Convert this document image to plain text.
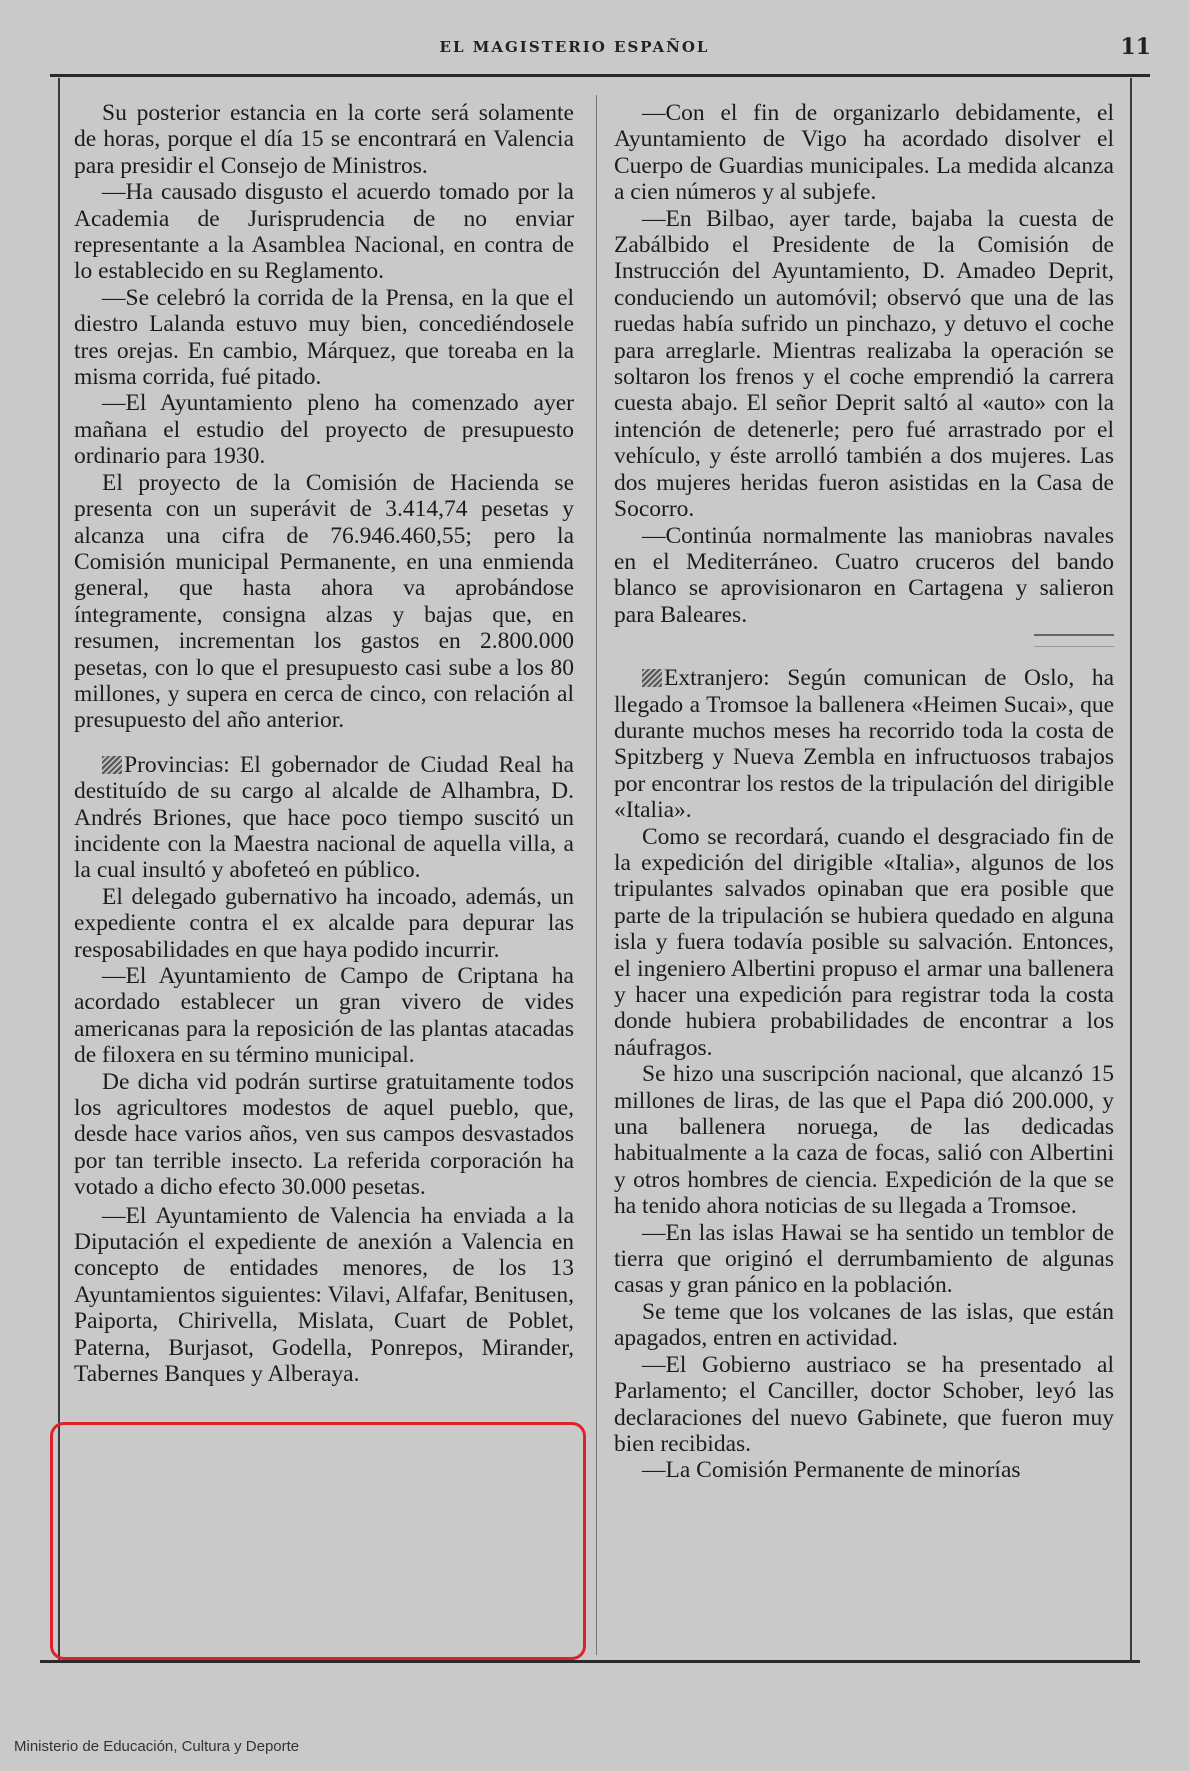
EL MAGISTERIO ESPAÑOL	11

Su posterior estancia en la corte será solamente de horas, porque el día 15 se encontrará en Valencia para presidir el Consejo de Ministros.

—Ha causado disgusto el acuerdo tomado por la Academia de Jurisprudencia de no enviar representante a la Asamblea Nacional, en contra de lo establecido en su Reglamento.

—Se celebró la corrida de la Prensa, en la que el diestro Lalanda estuvo muy bien, concediéndosele tres orejas. En cambio, Márquez, que toreaba en la misma corrida, fué pitado.

—El Ayuntamiento pleno ha comenzado ayer mañana el estudio del proyecto de presupuesto ordinario para 1930.

El proyecto de la Comisión de Hacienda se presenta con un superávit de 3.414,74 pesetas y alcanza una cifra de 76.946.460,55; pero la Comisión municipal Permanente, en una enmienda general, que hasta ahora va aprobándose íntegramente, consigna alzas y bajas que, en resumen, incrementan los gastos en 2.800.000 pesetas, con lo que el presupuesto casi sube a los 80 millones, y supera en cerca de cinco, con relación al presupuesto del año anterior.

Provincias: El gobernador de Ciudad Real ha destituído de su cargo al alcalde de Alhambra, D. Andrés Briones, que hace poco tiempo suscitó un incidente con la Maestra nacional de aquella villa, a la cual insultó y abofeteó en público.

El delegado gubernativo ha incoado, además, un expediente contra el ex alcalde para depurar las resposabilidades en que haya podido incurrir.

—El Ayuntamiento de Campo de Criptana ha acordado establecer un gran vivero de vides americanas para la reposición de las plantas atacadas de filoxera en su término municipal.

De dicha vid podrán surtirse gratuitamente todos los agricultores modestos de aquel pueblo, que, desde hace varios años, ven sus campos desvastados por tan terrible insecto. La referida corporación ha votado a dicho efecto 30.000 pesetas.

—El Ayuntamiento de Valencia ha enviada a la Diputación el expediente de anexión a Valencia en concepto de entidades menores, de los 13 Ayuntamientos siguientes: Vilavi, Alfafar, Benitusen, Paiporta, Chirivella, Mislata, Cuart de Poblet, Paterna, Burjasot, Godella, Ponrepos, Mirander, Tabernes Banques y Alberaya.

—Con el fin de organizarlo debidamente, el Ayuntamiento de Vigo ha acordado disolver el Cuerpo de Guardias municipales. La medida alcanza a cien números y al subjefe.

—En Bilbao, ayer tarde, bajaba la cuesta de Zabálbido el Presidente de la Comisión de Instrucción del Ayuntamiento, D. Amadeo Deprit, conduciendo un automóvil; observó que una de las ruedas había sufrido un pinchazo, y detuvo el coche para arreglarle. Mientras realizaba la operación se soltaron los frenos y el coche emprendió la carrera cuesta abajo. El señor Deprit saltó al «auto» con la intención de detenerle; pero fué arrastrado por el vehículo, y éste arrolló también a dos mujeres. Las dos mujeres heridas fueron asistidas en la Casa de Socorro.

—Continúa normalmente las maniobras navales en el Mediterráneo. Cuatro cruceros del bando blanco se aprovisionaron en Cartagena y salieron para Baleares.

Extranjero: Según comunican de Oslo, ha llegado a Tromsoe la ballenera «Heimen Sucai», que durante muchos meses ha recorrido toda la costa de Spitzberg y Nueva Zembla en infructuosos trabajos por encontrar los restos de la tripulación del dirigible «Italia».

Como se recordará, cuando el desgraciado fin de la expedición del dirigible «Italia», algunos de los tripulantes salvados opinaban que era posible que parte de la tripulación se hubiera quedado en alguna isla y fuera todavía posible su salvación. Entonces, el ingeniero Albertini propuso el armar una ballenera y hacer una expedición para registrar toda la costa donde hubiera probabilidades de encontrar a los náufragos.

Se hizo una suscripción nacional, que alcanzó 15 millones de liras, de las que el Papa dió 200.000, y una ballenera noruega, de las dedicadas habitualmente a la caza de focas, salió con Albertini y otros hombres de ciencia. Expedición de la que se ha tenido ahora noticias de su llegada a Tromsoe.

—En las islas Hawai se ha sentido un temblor de tierra que originó el derrumbamiento de algunas casas y gran pánico en la población.

Se teme que los volcanes de las islas, que están apagados, entren en actividad.

—El Gobierno austriaco se ha presentado al Parlamento; el Canciller, doctor Schober, leyó las declaraciones del nuevo Gabinete, que fueron muy bien recibidas.

—La Comisión Permanente de minorías

Ministerio de Educación, Cultura y Deporte
